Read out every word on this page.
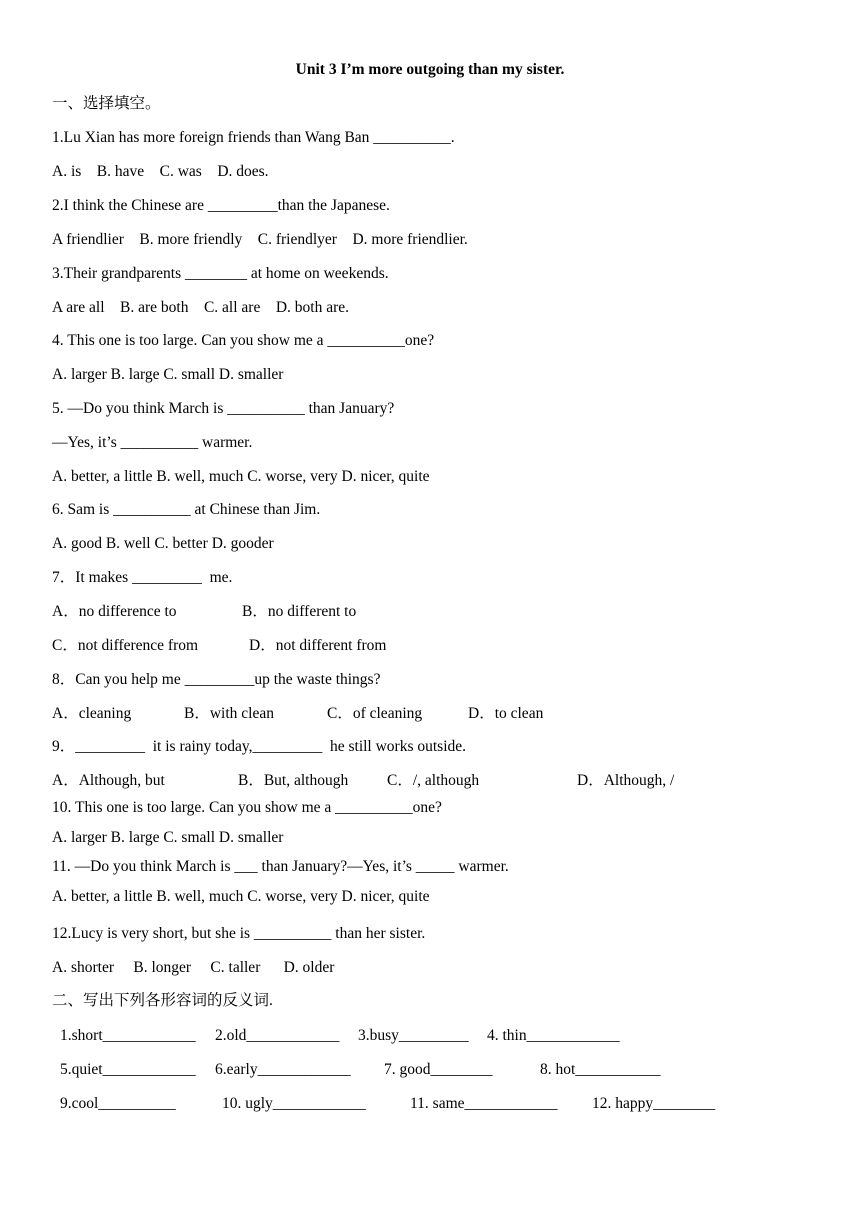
Unit 3 I’m more outgoing than my sister.
一、选择填空。
1.Lu Xian has more foreign friends than Wang Ban __________.
A. is    B. have    C. was    D. does.
2.I think the Chinese are _________than the Japanese.
A friendlier    B. more friendly    C. friendlyer    D. more friendlier.
3.Their grandparents ________ at home on weekends.
A are all    B. are both    C. all are    D. both are.
4. This one is too large. Can you show me a __________one?
A. larger B. large C. small D. smaller
5. —Do you think March is __________ than January?
—Yes, it’s __________ warmer.
A. better, a little B. well, much C. worse, very D. nicer, quite
6. Sam is __________ at Chinese than Jim.
A. good B. well C. better D. gooder
7．It makes _________  me.
A．no difference to	B．no different to
C．not difference from	D．not different from
8．Can you help me _________up the waste things?
A．cleaning	B．with clean	C．of cleaning	D．to clean
9．_________  it is rainy today,_________  he still works outside.
A．Although, but	B．But, although	C．/, although	D．Although, /
10. This one is too large. Can you show me a __________one?
A. larger B. large C. small D. smaller
11. —Do you think March is ___ than January?—Yes, it’s _____ warmer.
A. better, a little B. well, much C. worse, very D. nicer, quite
12.Lucy is very short, but she is __________ than her sister.
A. shorter     B. longer     C. taller      D. older
二、写出下列各形容词的反义词.
1.short____________ 2.old____________ 3.busy_________ 4. thin____________
5.quiet____________ 6.early____________ 7. good________	8. hot___________
9.cool__________	10. ugly____________	11. same____________ 12. happy________
